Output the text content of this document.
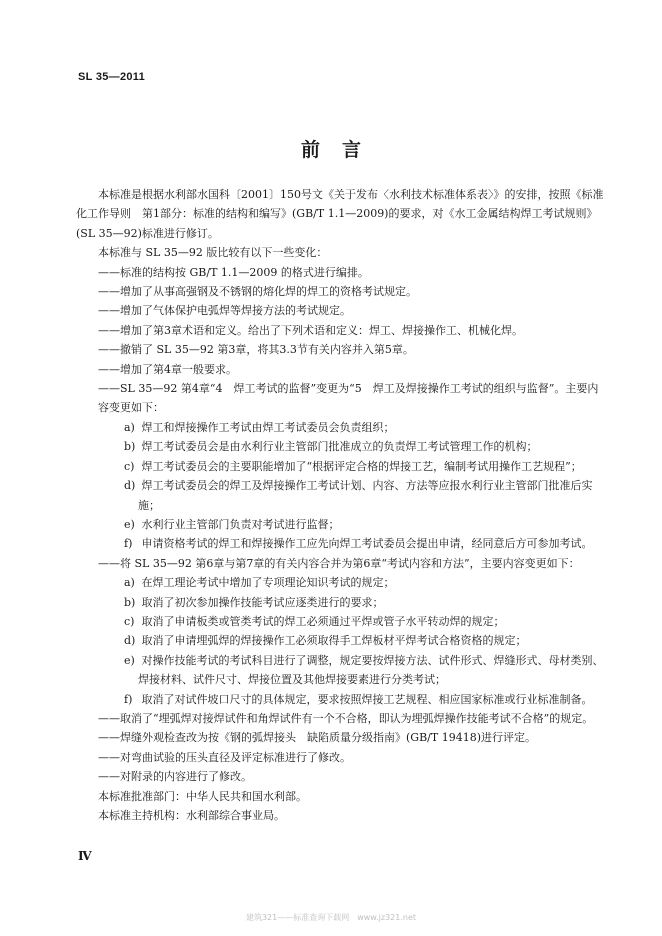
SL 35—2011
前言

本标准是根据水利部水国科〔2001〕150号文《关于发布〈水利技术标准体系表〉》的安排，按照《标准化工作导则　第1部分：标准的结构和编写》(GB/T 1.1—2009)的要求，对《水工金属结构焊工考试规则》(SL 35—92)标准进行修订。

本标准与 SL 35—92 版比较有以下一些变化：

——标准的结构按 GB/T 1.1—2009 的格式进行编排。

——增加了从事高强钢及不锈钢的熔化焊的焊工的资格考试规定。

——增加了气体保护电弧焊等焊接方法的考试规定。

——增加了第3章术语和定义。给出了下列术语和定义：焊工、焊接操作工、机械化焊。

——撤销了 SL 35—92 第3章，将其3.3节有关内容并入第5章。

——增加了第4章一般要求。

——SL 35—92 第4章“4　焊工考试的监督”变更为“5　焊工及焊接操作工考试的组织与监督”。主要内容变更如下：

a) 焊工和焊接操作工考试由焊工考试委员会负责组织；

b) 焊工考试委员会是由水利行业主管部门批准成立的负责焊工考试管理工作的机构；

c) 焊工考试委员会的主要职能增加了“根据评定合格的焊接工艺，编制考试用操作工艺规程”；

d) 焊工考试委员会的焊工及焊接操作工考试计划、内容、方法等应报水利行业主管部门批准后实施；

e) 水利行业主管部门负责对考试进行监督；

f) 申请资格考试的焊工和焊接操作工应先向焊工考试委员会提出申请，经同意后方可参加考试。

——将 SL 35—92 第6章与第7章的有关内容合并为第6章“考试内容和方法”，主要内容变更如下：

a) 在焊工理论考试中增加了专项理论知识考试的规定；

b) 取消了初次参加操作技能考试应逐类进行的要求；

c) 取消了申请板类或管类考试的焊工必须通过平焊或管子水平转动焊的规定；

d) 取消了申请埋弧焊的焊接操作工必须取得手工焊板材平焊考试合格资格的规定；

e) 对操作技能考试的考试科目进行了调整，规定要按焊接方法、试件形式、焊缝形式、母材类别、焊接材料、试件尺寸、焊接位置及其他焊接要素进行分类考试；

f) 取消了对试件坡口尺寸的具体规定，要求按照焊接工艺规程、相应国家标准或行业标准制备。

——取消了“埋弧焊对接焊试件和角焊试件有一个不合格，即认为埋弧焊操作技能考试不合格”的规定。

——焊缝外观检查改为按《钢的弧焊接头　缺陷质量分级指南》(GB/T 19418)进行评定。

——对弯曲试验的压头直径及评定标准进行了修改。

——对附录的内容进行了修改。

本标准批准部门：中华人民共和国水利部。

本标准主持机构：水利部综合事业局。

Ⅳ
建筑321——标准查询下载网　www.jz321.net
